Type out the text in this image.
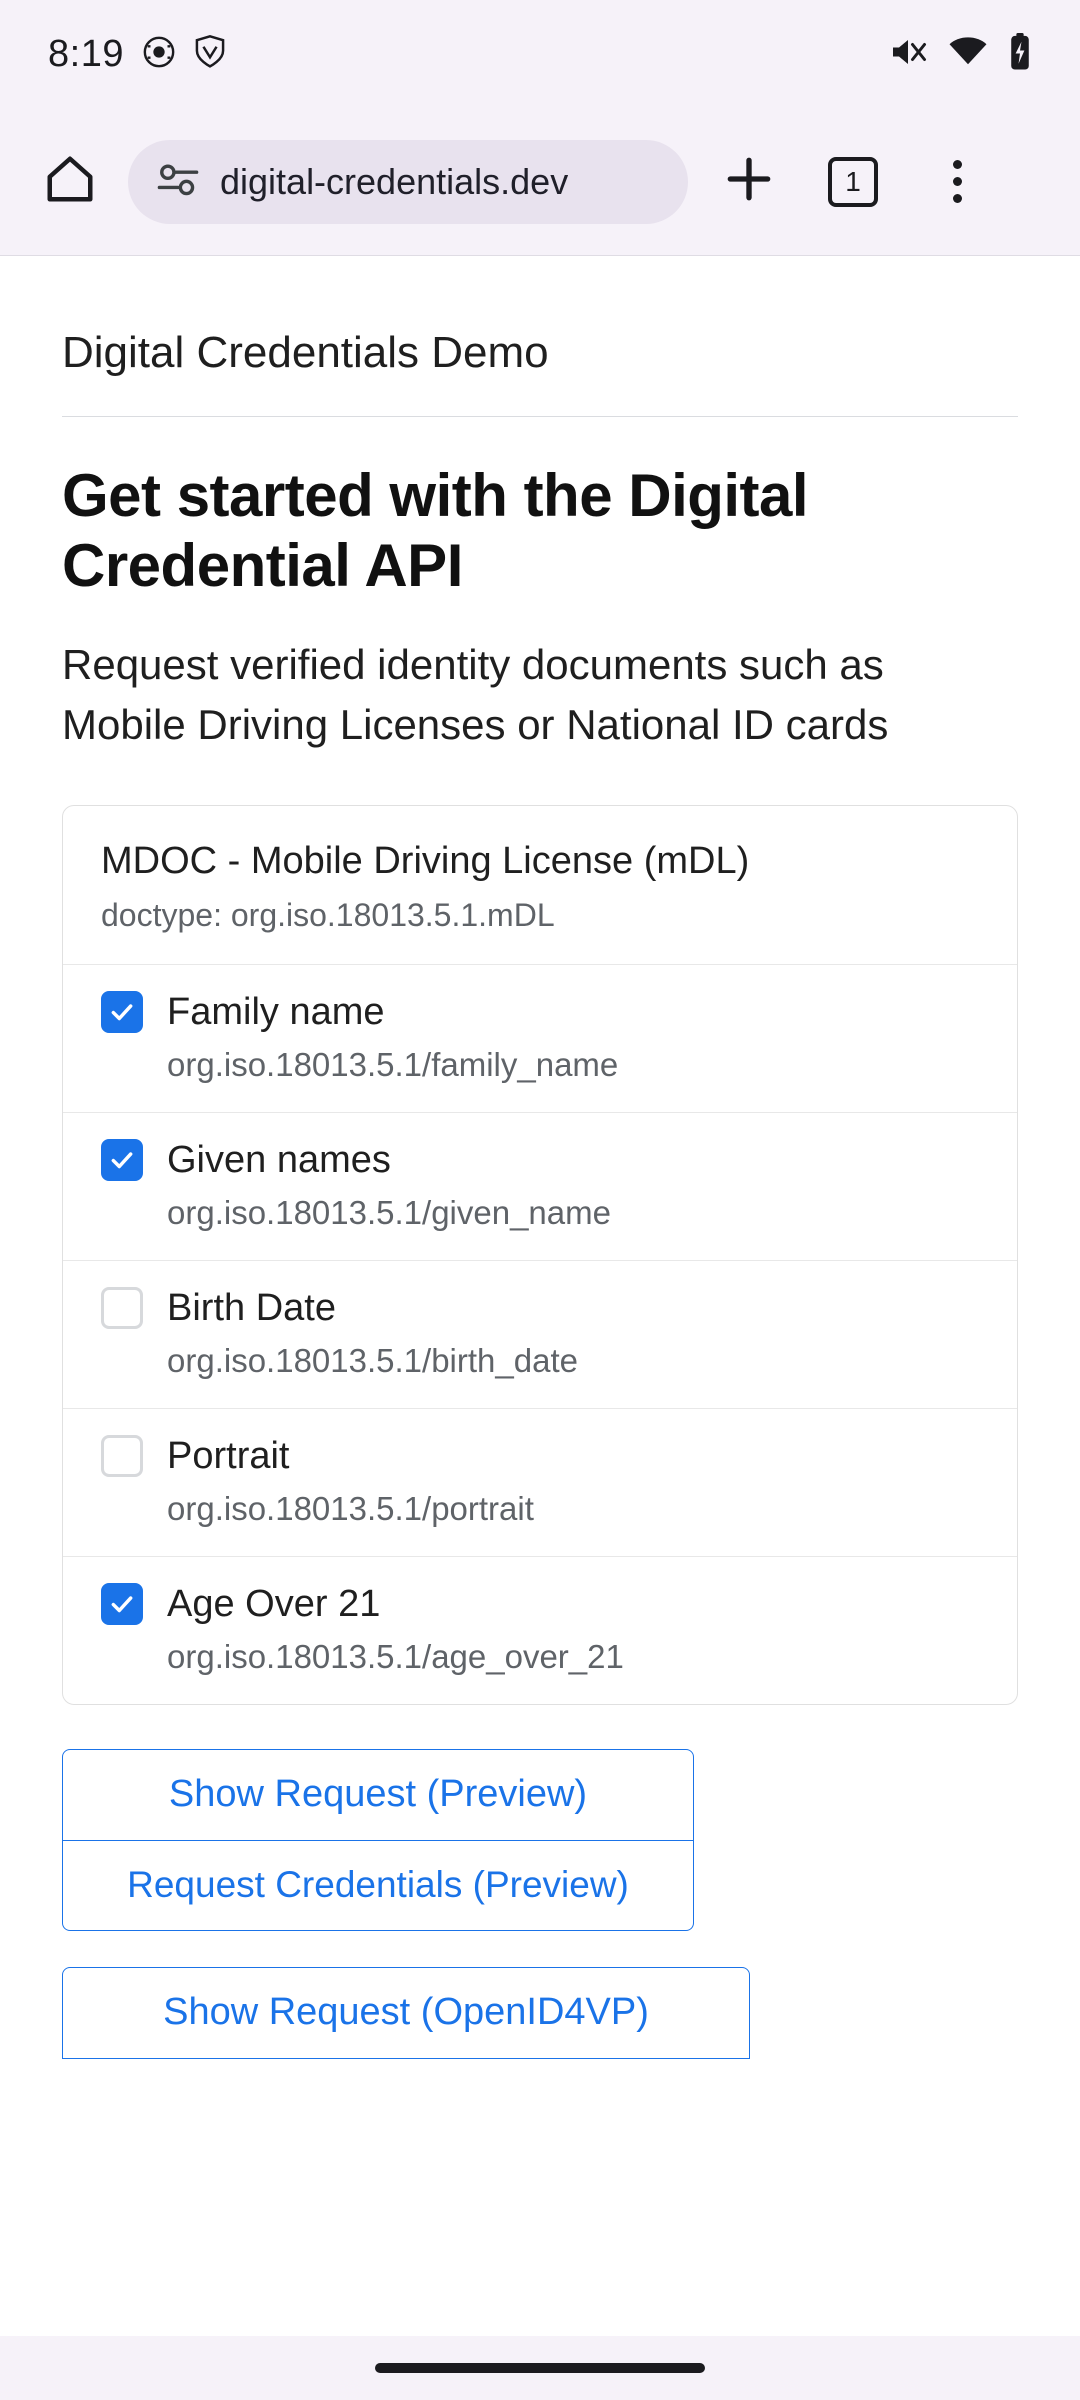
8:19
digital-credentials.dev	1
Digital Credentials Demo
Get started with the Digital Credential API

Request verified identity documents such as Mobile Driving Licenses or National ID cards

MDOC - Mobile Driving License (mDL)
doctype: org.iso.18013.5.1.mDL
Family name
org.iso.18013.5.1/family_name
Given names
org.iso.18013.5.1/given_name
Birth Date
org.iso.18013.5.1/birth_date
Portrait
org.iso.18013.5.1/portrait
Age Over 21
org.iso.18013.5.1/age_over_21
Show Request (Preview)
Request Credentials (Preview)
Show Request (OpenID4VP)
